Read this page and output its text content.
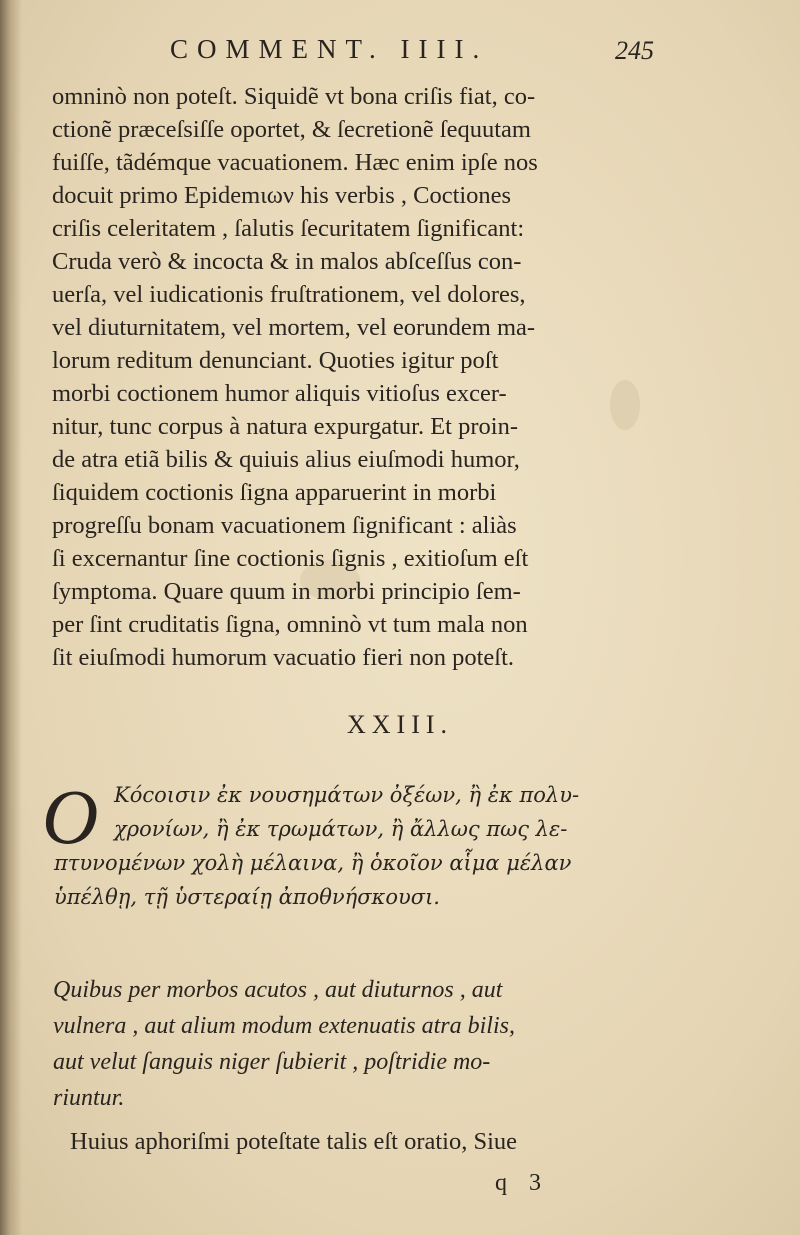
COMMENT. IIII.	245
omninò non poteſt. Siquidẽ vt bona criſis fiat, co-
ctionẽ præceſsiſſe oportet, & ſecretionẽ ſequutam
fuiſſe, tãdémque vacuationem. Hæc enim ipſe nos
docuit primo Epidemιων his verbis , Coctiones
criſis celeritatem , ſalutis ſecuritatem ſignificant:
Cruda verò & incocta & in malos abſceſſus con-
uerſa, vel iudicationis fruſtrationem, vel dolores,
vel diuturnitatem, vel mortem, vel eorundem ma-
lorum reditum denunciant. Quoties igitur poſt
morbi coctionem humor aliquis vitioſus excer-
nitur, tunc corpus à natura expurgatur. Et proin-
de atra etiã bilis & quiuis alius eiuſmodi humor,
ſiquidem coctionis ſigna apparuerint in morbi
progreſſu bonam vacuationem ſignificant : aliàs
ſi excernantur ſine coctionis ſignis , exitioſum eſt
ſymptoma. Quare quum in morbi principio ſem-
per ſint cruditatis ſigna, omninò vt tum mala non
ſit eiuſmodi humorum vacuatio fieri non poteſt.
XXIII.
O Κόϲοισιν ἐκ νουσημάτων ὀξέων, ἢ ἐκ πολυ-
χρονίων, ἢ ἐκ τρωμάτων, ἢ ἄλλως πως λε-
πτυνομένων χολὴ μέλαινα, ἢ ὁκοῖον αἷμα μέλαν
ὑπέλθῃ, τῇ ὑστεραίῃ ἀποθνήσκουσι.
Quibus per morbos acutos , aut diuturnos , aut
vulnera , aut alium modum extenuatis atra bilis,
aut velut ſanguis niger ſubierit , poſtridie mo-
riuntur.
Huius aphoriſmi poteſtate talis eſt oratio, Siue
q 3
